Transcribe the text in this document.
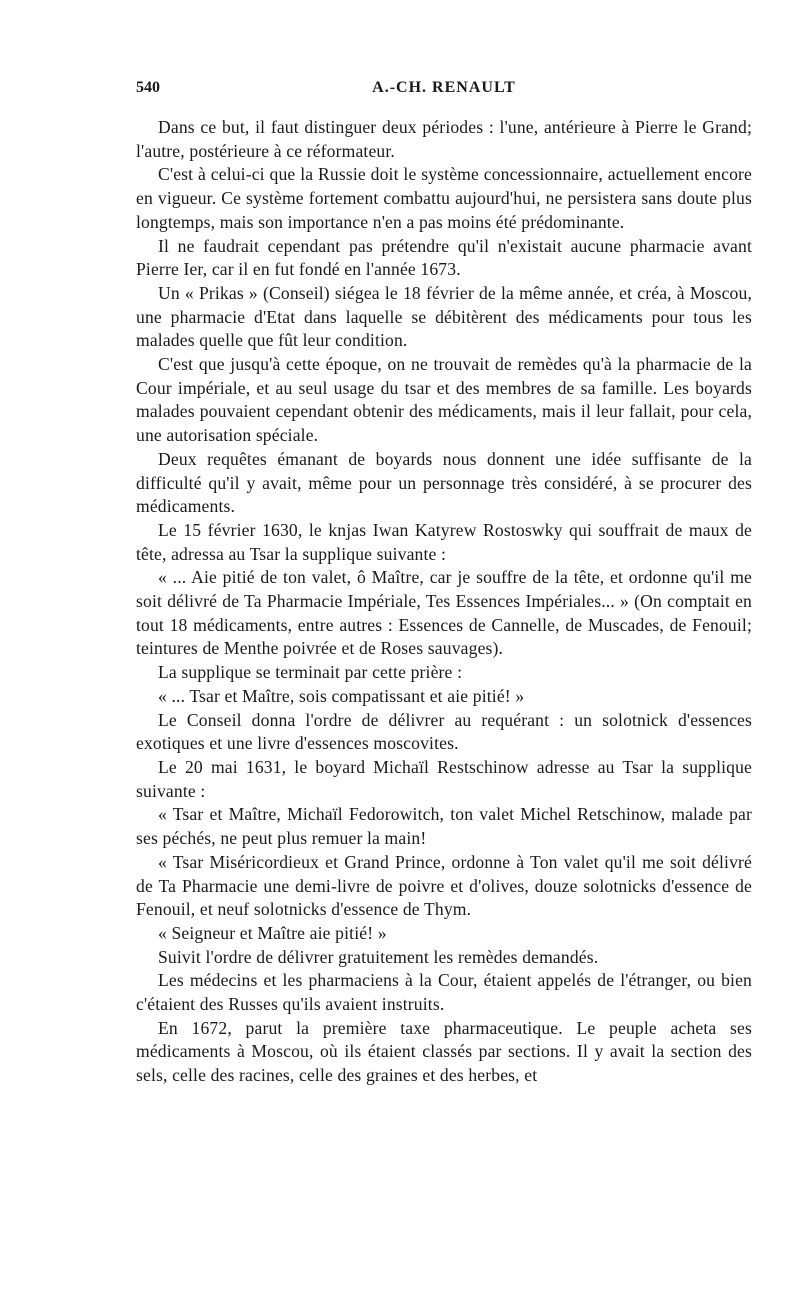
540	A.-CH. RENAULT

Dans ce but, il faut distinguer deux périodes : l'une, antérieure à Pierre le Grand; l'autre, postérieure à ce réformateur.

C'est à celui-ci que la Russie doit le système concessionnaire, actuellement encore en vigueur. Ce système fortement combattu aujourd'hui, ne persistera sans doute plus longtemps, mais son importance n'en a pas moins été prédominante.

Il ne faudrait cependant pas prétendre qu'il n'existait aucune pharmacie avant Pierre Ier, car il en fut fondé en l'année 1673.

Un « Prikas » (Conseil) siégea le 18 février de la même année, et créa, à Moscou, une pharmacie d'Etat dans laquelle se débitèrent des médicaments pour tous les malades quelle que fût leur condition.

C'est que jusqu'à cette époque, on ne trouvait de remèdes qu'à la pharmacie de la Cour impériale, et au seul usage du tsar et des membres de sa famille. Les boyards malades pouvaient cependant obtenir des médicaments, mais il leur fallait, pour cela, une autorisation spéciale.

Deux requêtes émanant de boyards nous donnent une idée suffisante de la difficulté qu'il y avait, même pour un personnage très considéré, à se procurer des médicaments.

Le 15 février 1630, le knjas Iwan Katyrew Rostoswky qui souffrait de maux de tête, adressa au Tsar la supplique suivante :

« ... Aie pitié de ton valet, ô Maître, car je souffre de la tête, et ordonne qu'il me soit délivré de Ta Pharmacie Impériale, Tes Essences Impériales... » (On comptait en tout 18 médicaments, entre autres : Essences de Cannelle, de Muscades, de Fenouil; teintures de Menthe poivrée et de Roses sauvages).

La supplique se terminait par cette prière :

« ... Tsar et Maître, sois compatissant et aie pitié! »

Le Conseil donna l'ordre de délivrer au requérant : un solotnick d'essences exotiques et une livre d'essences moscovites.

Le 20 mai 1631, le boyard Michaïl Restschinow adresse au Tsar la supplique suivante :

« Tsar et Maître, Michaïl Fedorowitch, ton valet Michel Retschinow, malade par ses péchés, ne peut plus remuer la main!

« Tsar Miséricordieux et Grand Prince, ordonne à Ton valet qu'il me soit délivré de Ta Pharmacie une demi-livre de poivre et d'olives, douze solotnicks d'essence de Fenouil, et neuf solotnicks d'essence de Thym.

« Seigneur et Maître aie pitié! »

Suivit l'ordre de délivrer gratuitement les remèdes demandés.

Les médecins et les pharmaciens à la Cour, étaient appelés de l'étranger, ou bien c'étaient des Russes qu'ils avaient instruits.

En 1672, parut la première taxe pharmaceutique. Le peuple acheta ses médicaments à Moscou, où ils étaient classés par sections. Il y avait la section des sels, celle des racines, celle des graines et des herbes, et
